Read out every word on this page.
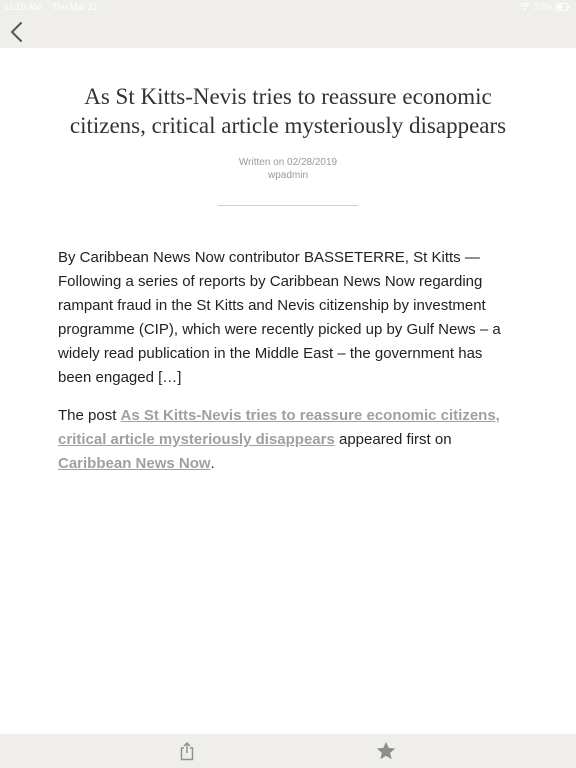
11:10 AM Thu Mar 21	37%
As St Kitts-Nevis tries to reassure economic citizens, critical article mysteriously disappears
Written on 02/28/2019
wpadmin

By Caribbean News Now contributor BASSETERRE, St Kitts — Following a series of reports by Caribbean News Now regarding rampant fraud in the St Kitts and Nevis citizenship by investment programme (CIP), which were recently picked up by Gulf News – a widely read publication in the Middle East – the government has been engaged […]

The post As St Kitts-Nevis tries to reassure economic citizens, critical article mysteriously disappears appeared first on Caribbean News Now.
